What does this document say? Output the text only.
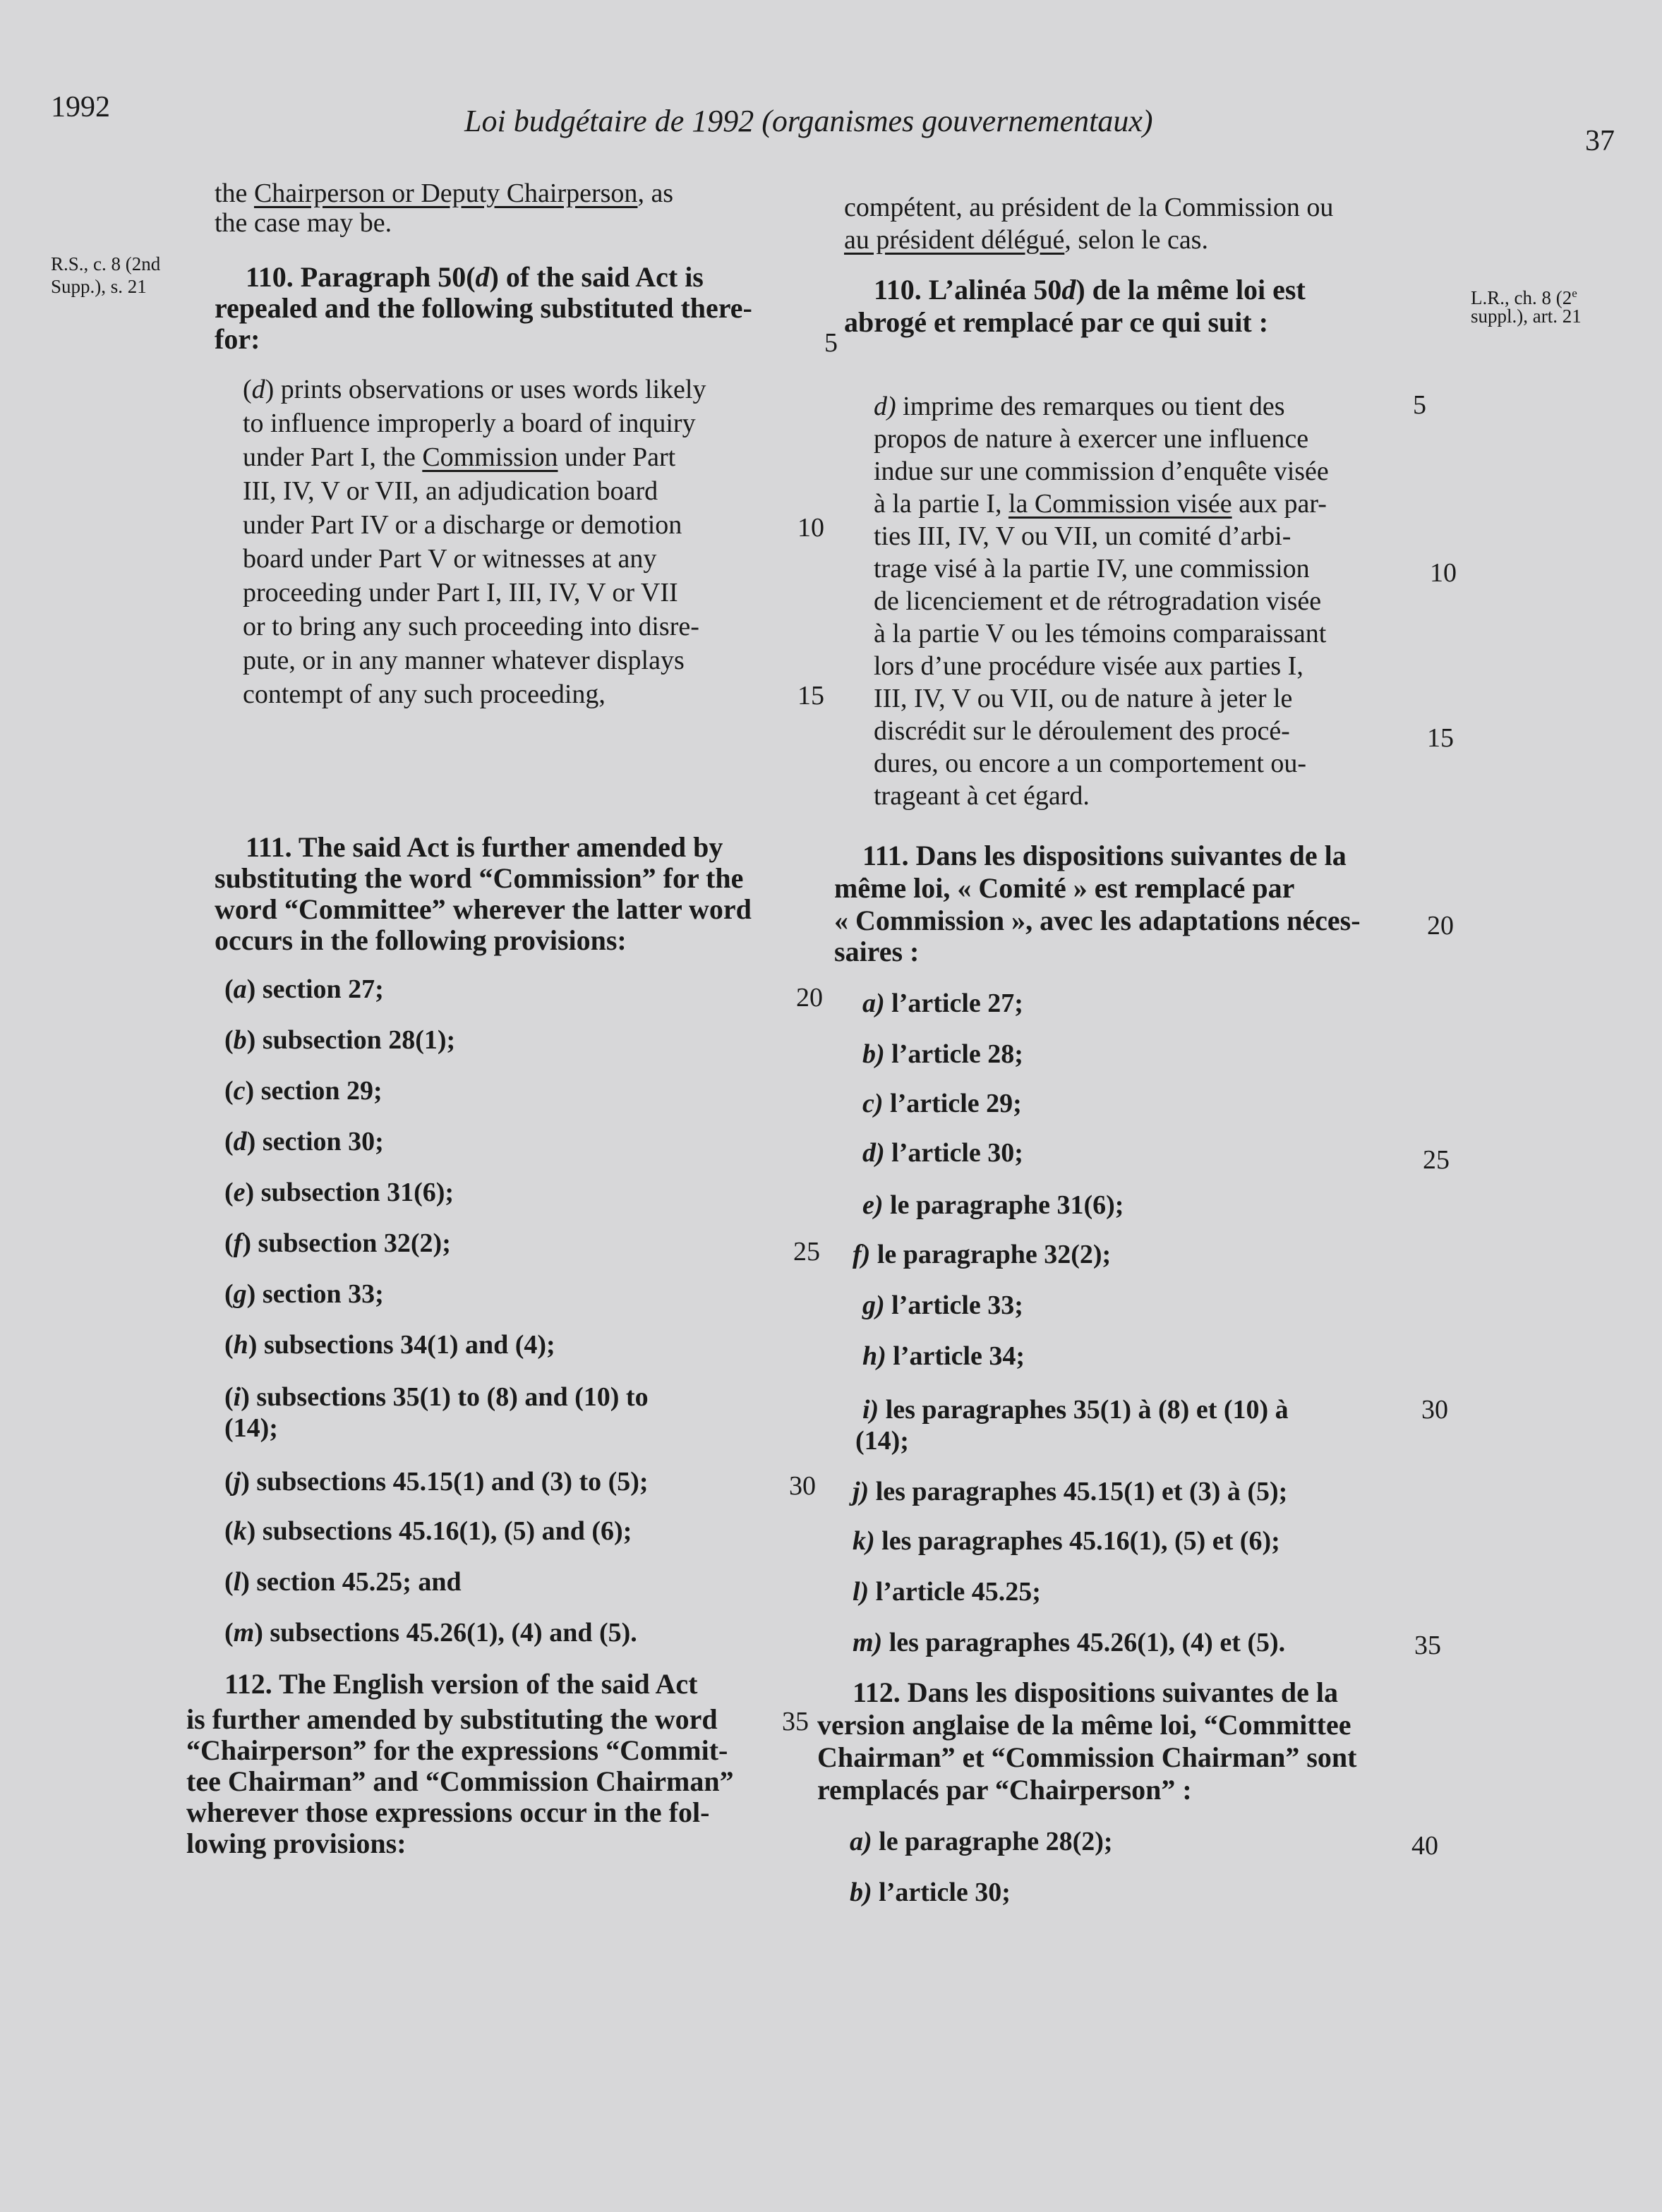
1992	Loi budgétaire de 1992 (organismes gouvernementaux)
37
R.S., c. 8 (2nd
Supp.), s. 21
L.R., ch. 8 (2e
suppl.), art. 21
the Chairperson or Deputy Chairperson, as
the case may be.
110. Paragraph 50(d) of the said Act is
repealed and the following substituted there-
for:
(d) prints observations or uses words likely
to influence improperly a board of inquiry
under Part I, the Commission under Part
III, IV, V or VII, an adjudication board
under Part IV or a discharge or demotion
board under Part V or witnesses at any
proceeding under Part I, III, IV, V or VII
or to bring any such proceeding into disre-
pute, or in any manner whatever displays
contempt of any such proceeding,
111. The said Act is further amended by
substituting the word “Commission” for the
word “Committee” wherever the latter word
occurs in the following provisions:
(a) section 27;
(b) subsection 28(1);
(c) section 29;
(d) section 30;
(e) subsection 31(6);
(f) subsection 32(2);
(g) section 33;
(h) subsections 34(1) and (4);
(i) subsections 35(1) to (8) and (10) to
(14);
(j) subsections 45.15(1) and (3) to (5);
(k) subsections 45.16(1), (5) and (6);
(l) section 45.25; and
(m) subsections 45.26(1), (4) and (5).
112. The English version of the said Act
is further amended by substituting the word
“Chairperson” for the expressions “Commit-
tee Chairman” and “Commission Chairman”
wherever those expressions occur in the fol-
lowing provisions:
5
10
15
20
25
30
35
compétent, au président de la Commission ou
au président délégué, selon le cas.
110. L’alinéa 50d) de la même loi est
abrogé et remplacé par ce qui suit :
d) imprime des remarques ou tient des
propos de nature à exercer une influence
indue sur une commission d’enquête visée
à la partie I, la Commission visée aux par-
ties III, IV, V ou VII, un comité d’arbi-
trage visé à la partie IV, une commission
de licenciement et de rétrogradation visée
à la partie V ou les témoins comparaissant
lors d’une procédure visée aux parties I,
III, IV, V ou VII, ou de nature à jeter le
discrédit sur le déroulement des procé-
dures, ou encore a un comportement ou-
trageant à cet égard.
111. Dans les dispositions suivantes de la
même loi, « Comité » est remplacé par
« Commission », avec les adaptations néces-
saires :
a) l’article 27;
b) l’article 28;
c) l’article 29;
d) l’article 30;
e) le paragraphe 31(6);
f) le paragraphe 32(2);
g) l’article 33;
h) l’article 34;
i) les paragraphes 35(1) à (8) et (10) à
(14);
j) les paragraphes 45.15(1) et (3) à (5);
k) les paragraphes 45.16(1), (5) et (6);
l) l’article 45.25;
m) les paragraphes 45.26(1), (4) et (5).
112. Dans les dispositions suivantes de la
version anglaise de la même loi, “Committee
Chairman” et “Commission Chairman” sont
remplacés par “Chairperson” :
a) le paragraphe 28(2);
b) l’article 30;
5
10
15
20
25
30
35
40
